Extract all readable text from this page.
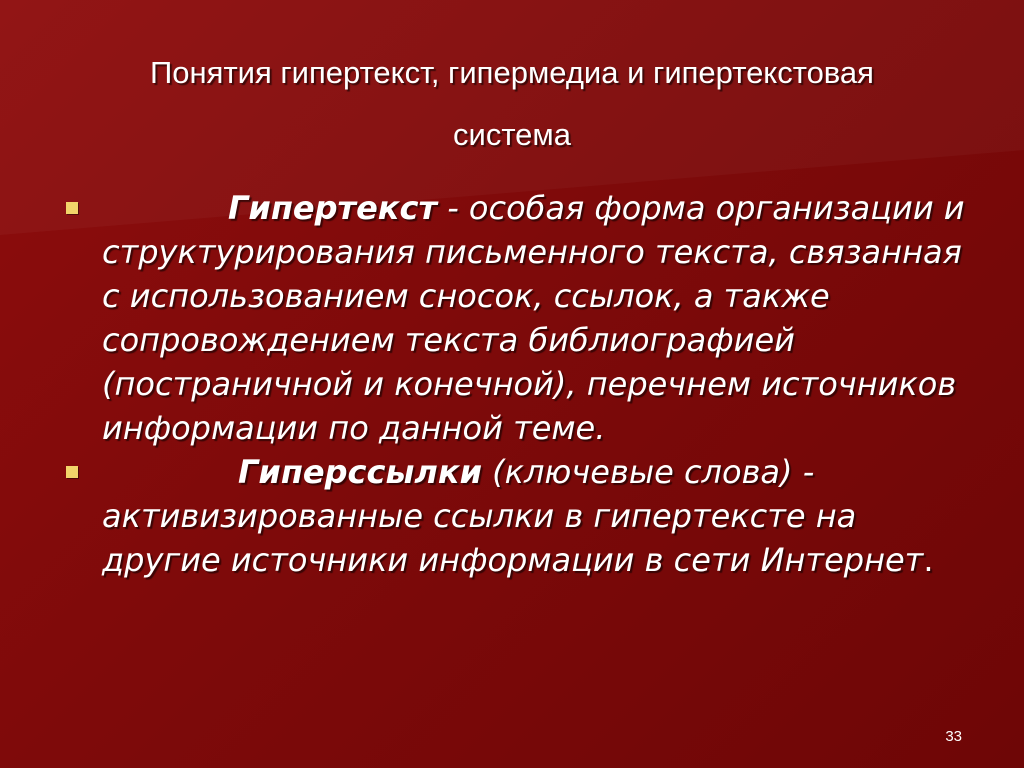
Понятия гипертекст, гипермедиа и гипертекстовая
система
Гипертекст - особая форма организации и структурирования письменного текста, связанная с использованием сносок, ссылок, а также сопровождением текста библиографией (постраничной и конечной), перечнем источников информации по данной теме.
Гиперссылки (ключевые слова) - активизированные ссылки в гипертексте на другие источники информации в сети Интернет.
33
